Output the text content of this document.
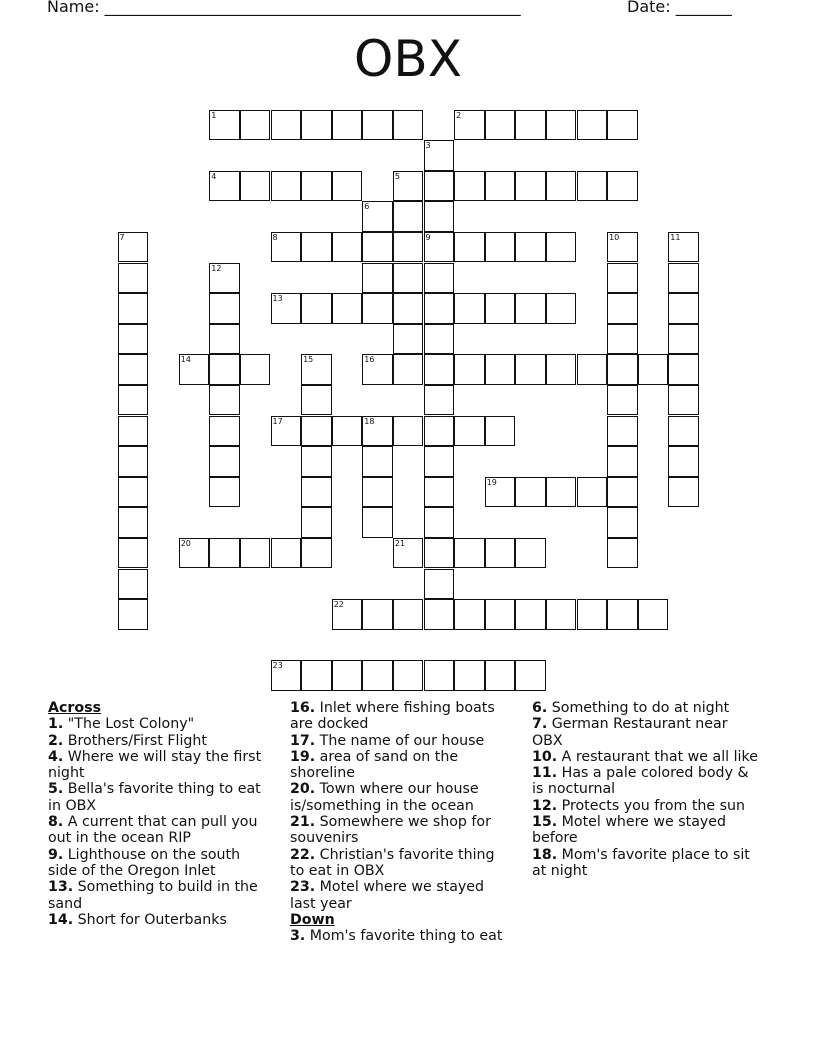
Name: ____________________________________________________	Date: _______
OBX
1	2
3
4	5
6
7	8	9	10	11
12
13
14	15	16
17	18
19
20	21
22
23
Across
1. "The Lost Colony"
2. Brothers/First Flight
4. Where we will stay the first night
5. Bella's favorite thing to eat in OBX
8. A current that can pull you out in the ocean RIP
9. Lighthouse on the south side of the Oregon Inlet
13. Something to build in the sand
14. Short for Outerbanks
16. Inlet where fishing boats are docked
17. The name of our house
19. area of sand on the shoreline
20. Town where our house is/something in the ocean
21. Somewhere we shop for souvenirs
22. Christian's favorite thing to eat in OBX
23. Motel where we stayed last year
Down
3. Mom's favorite thing to eat
6. Something to do at night
7. German Restaurant near OBX
10. A restaurant that we all like
11. Has a pale colored body & is nocturnal
12. Protects you from the sun
15. Motel where we stayed before
18. Mom's favorite place to sit at night
